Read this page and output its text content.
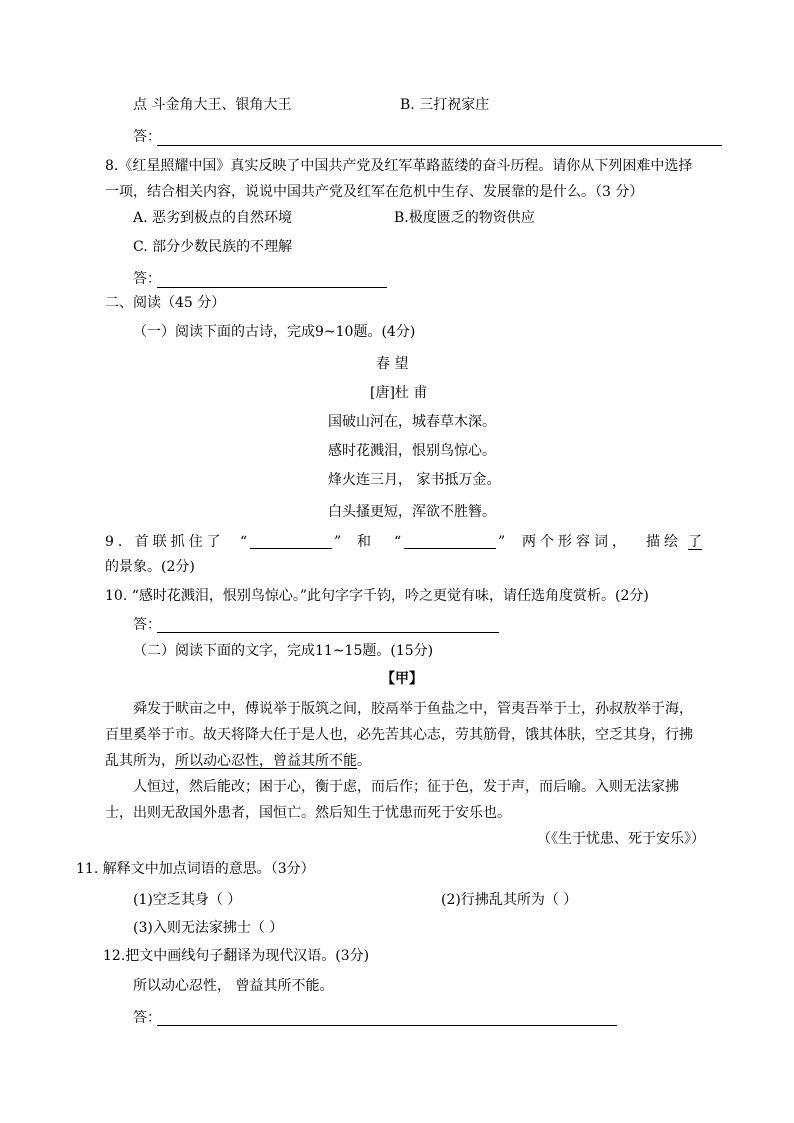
点 斗金角大王、银角大王	B. 三打祝家庄
答：
8.《红星照耀中国》真实反映了中国共产党及红军革路蓝缕的奋斗历程。请你从下列困难中选择
一项，结合相关内容，说说中国共产党及红军在危机中生存、发展靠的是什么。（3 分）
A. 恶劣到极点的自然环境	B.极度匮乏的物资供应
C. 部分少数民族的不理解
答：
二、阅读（45 分）
（一）阅读下面的古诗，完成9~10题。(4分)
春 望
[唐]杜 甫
国破山河在，城春草木深。
感时花溅泪，恨别鸟惊心。
烽火连三月， 家书抵万金。
白头搔更短，浑欲不胜簪。
9. 首联抓住了 “	” 和 “	” 两个形容词， 描绘 了
的景象。(2分)
10. “感时花溅泪，恨别鸟惊心。”此句字字千钧，吟之更觉有味，请任选角度赏析。(2分)
答：
（二）阅读下面的文字，完成11~15题。(15分)
【甲】
舜发于畎亩之中，傅说举于版筑之间，胶鬲举于鱼盐之中，管夷吾举于士，孙叔敖举于海，
百里奚举于市。故天将降大任于是人也，必先苦其心志，劳其筋骨，饿其体肤，空乏其身，行拂
乱其所为，所以动心忍性，曾益其所不能。
人恒过，然后能改；困于心，衡于虑，而后作；征于色，发于声，而后喻。入则无法家拂
士，出则无敌国外患者，国恒亡。然后知生于忧患而死于安乐也。
（《生于忧患、死于安乐》）
11. 解释文中加点词语的意思。（3分）
(1)空乏其身（ ）	(2)行拂乱其所为（ ）
(3)入则无法家拂士（ ）
12.把文中画线句子翻译为现代汉语。(3分)
所以动心忍性， 曾益其所不能。
答：
